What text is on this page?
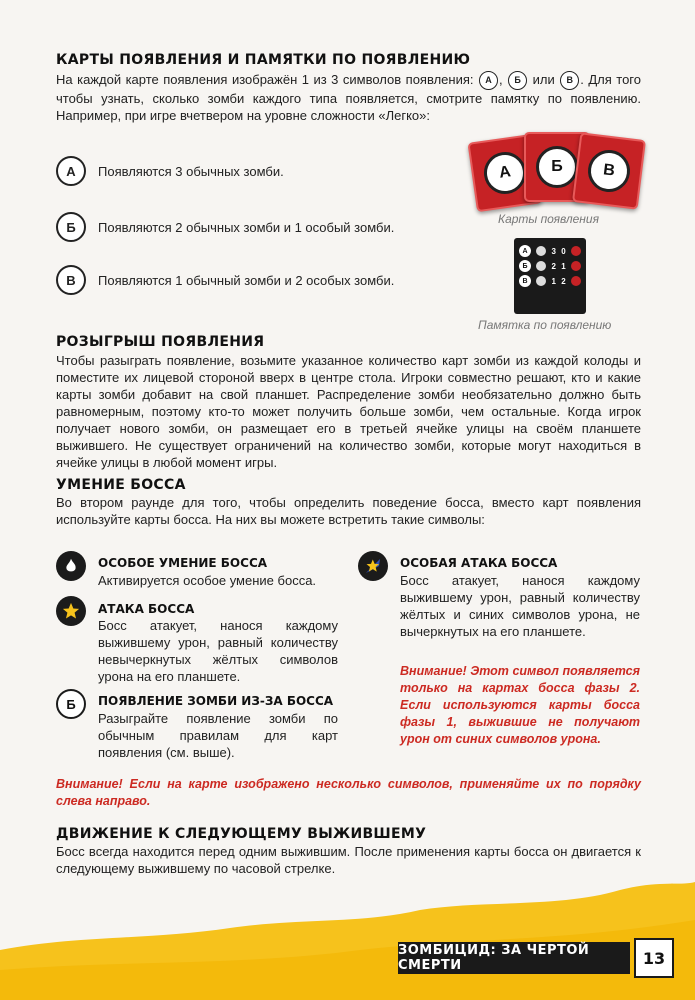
КАРТЫ ПОЯВЛЕНИЯ И ПАМЯТКИ ПО ПОЯВЛЕНИЮ

На каждой карте появления изображён 1 из 3 символов появления: А , Б или В . Для того чтобы узнать, сколько зомби каждого типа появляется, смотрите памятку по появлению. Например, при игре вчетвером на уровне сложности «Легко»:

А	Появляются 3 обычных зомби.
Б	Появляются 2 обычных зомби и 1 особый зомби.
В	Появляются 1 обычный зомби и 2 особых зомби.
А	Б	В
Карты появления
А	3 0
Б	2 1
В	1 2
Памятка по появлению
РОЗЫГРЫШ ПОЯВЛЕНИЯ

Чтобы разыграть появление, возьмите указанное количество карт зомби из каждой колоды и поместите их лицевой стороной вверх в центре стола. Игроки совместно решают, кто и какие карты зомби добавит на свой планшет. Распределение зомби необязательно должно быть равномерным, поэтому кто-то может получить больше зомби, чем остальные. Когда игрок получает нового зомби, он размещает его в третьей ячейке улицы на своём планшете выжившего. Не существует ограничений на количество зомби, которые могут находиться в ячейке улицы в любой момент игры.

УМЕНИЕ БОССА

Во втором раунде для того, чтобы определить поведение босса, вместо карт появления используйте карты босса. На них вы можете встретить такие символы:

ОСОБОЕ УМЕНИЕ БОССА
Активируется особое умение босса.
АТАКА БОССА
Босс атакует, нанося каждому выжившему урон, равный количеству невычеркнутых жёлтых символов урона на его планшете.
Б	ПОЯВЛЕНИЕ ЗОМБИ ИЗ-ЗА БОССА
Разыграйте появление зомби по обычным правилам для карт появления (см. выше).
ОСОБАЯ АТАКА БОССА
Босс атакует, нанося каждому выжившему урон, равный количеству жёлтых и синих символов урона, не вычеркнутых на его планшете.
Внимание! Этот символ появляется только на картах босса фазы 2. Если используются карты босса фазы 1, выжившие не получают урон от синих символов урона.
Внимание! Если на карте изображено несколько символов, применяйте их по порядку слева направо.
ДВИЖЕНИЕ К СЛЕДУЮЩЕМУ ВЫЖИВШЕМУ

Босс всегда находится перед одним выжившим. После применения карты босса он двигается к следующему выжившему по часовой стрелке.

ЗОМБИЦИД: ЗА ЧЕРТОЙ СМЕРТИ	13
